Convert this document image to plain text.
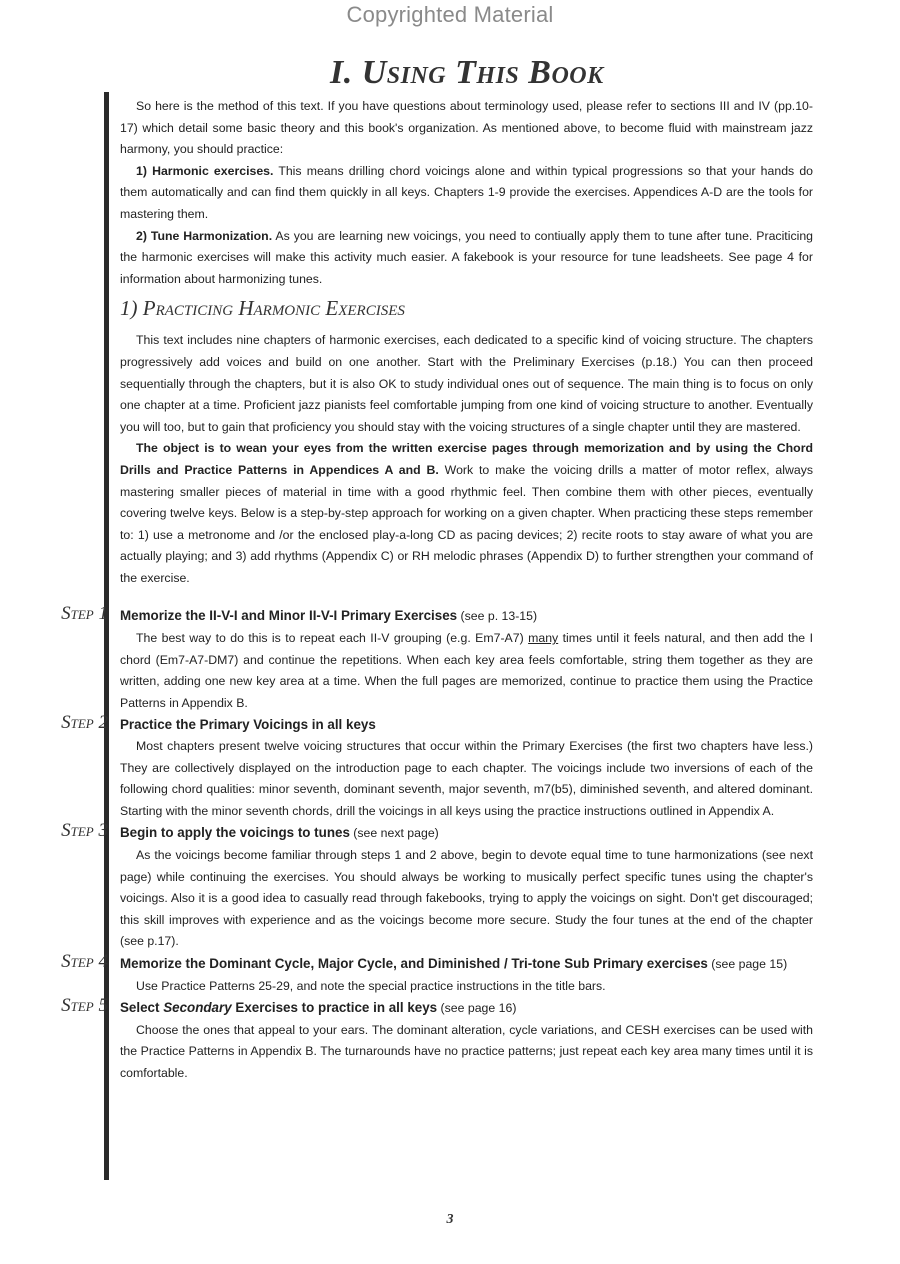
Copyrighted Material
I. Using This Book

So here is the method of this text. If you have questions about terminology used, please refer to sections III and IV (pp.10-17) which detail some basic theory and this book's organization. As mentioned above, to become fluid with mainstream jazz harmony, you should practice:

1) Harmonic exercises. This means drilling chord voicings alone and within typical progressions so that your hands do them automatically and can find them quickly in all keys. Chapters 1-9 provide the exercises. Appendices A-D are the tools for mastering them.

2) Tune Harmonization. As you are learning new voicings, you need to contiually apply them to tune after tune. Praciticing the harmonic exercises will make this activity much easier. A fakebook is your resource for tune leadsheets. See page 4 for information about harmonizing tunes.

1) Practicing Harmonic Exercises

This text includes nine chapters of harmonic exercises, each dedicated to a specific kind of voicing structure. The chapters progressively add voices and build on one another. Start with the Preliminary Exercises (p.18.) You can then proceed sequentially through the chapters, but it is also OK to study individual ones out of sequence. The main thing is to focus on only one chapter at a time. Proficient jazz pianists feel comfortable jumping from one kind of voicing structure to another. Eventually you will too, but to gain that proficiency you should stay with the voicing structures of a single chapter until they are mastered.

The object is to wean your eyes from the written exercise pages through memorization and by using the Chord Drills and Practice Patterns in Appendices A and B. Work to make the voicing drills a matter of motor reflex, always mastering smaller pieces of material in time with a good rhythmic feel. Then combine them with other pieces, eventually covering twelve keys. Below is a step-by-step approach for working on a given chapter. When practicing these steps remember to: 1) use a metronome and /or the enclosed play-a-long CD as pacing devices; 2) recite roots to stay aware of what you are actually playing; and 3) add rhythms (Appendix C) or RH melodic phrases (Appendix D) to further strengthen your command of the exercise.

Step 1 Memorize the II-V-I and Minor II-V-I Primary Exercises (see p. 13-15)

The best way to do this is to repeat each II-V grouping (e.g. Em7-A7) many times until it feels natural, and then add the I chord (Em7-A7-DM7) and continue the repetitions. When each key area feels comfortable, string them together as they are written, adding one new key area at a time. When the full pages are memorized, continue to practice them using the Practice Patterns in Appendix B.

Step 2 Practice the Primary Voicings in all keys

Most chapters present twelve voicing structures that occur within the Primary Exercises (the first two chapters have less.) They are collectively displayed on the introduction page to each chapter. The voicings include two inversions of each of the following chord qualities: minor seventh, dominant seventh, major seventh, m7(b5), diminished seventh, and altered dominant. Starting with the minor seventh chords, drill the voicings in all keys using the practice instructions outlined in Appendix A.

Step 3 Begin to apply the voicings to tunes (see next page)

As the voicings become familiar through steps 1 and 2 above, begin to devote equal time to tune harmonizations (see next page) while continuing the exercises. You should always be working to musically perfect specific tunes using the chapter's voicings. Also it is a good idea to casually read through fakebooks, trying to apply the voicings on sight. Don't get discouraged; this skill improves with experience and as the voicings become more secure. Study the four tunes at the end of the chapter (see p.17).

Step 4 Memorize the Dominant Cycle, Major Cycle, and Diminished / Tri-tone Sub Primary exercises (see page 15)

Use Practice Patterns 25-29, and note the special practice instructions in the title bars.

Step 5 Select Secondary Exercises to practice in all keys (see page 16)

Choose the ones that appeal to your ears. The dominant alteration, cycle variations, and CESH exercises can be used with the Practice Patterns in Appendix B. The turnarounds have no practice patterns; just repeat each key area many times until it is comfortable.

3
